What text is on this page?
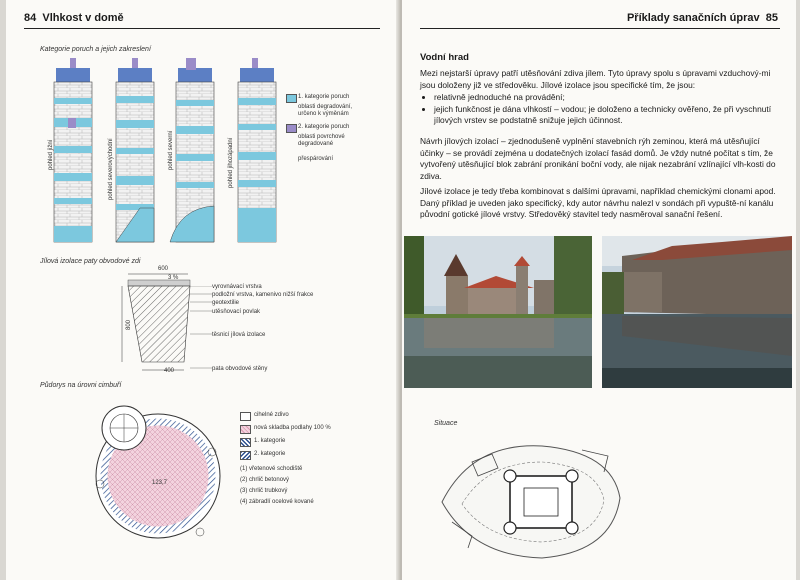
84 Vlhkost v domě
Kategorie poruch a jejich zakreslení
pohled jižní	pohled severovýchodní	pohled severní	pohled jihozápadní
1. kategorie poruch
oblasti degradování, určeno k výměnám
2. kategorie poruch
oblasti povrchové degradované
přespárování
Jílová izolace paty obvodové zdi
600
3 %
800
400
vyrovnávací vrstva
podložní vrstva, kamenivo nižší frakce
geotextilie
utěsňovací povlak
těsnicí jílová izolace
pata obvodové stěny
Půdorys na úrovni cimbuří
123,7
cihelné zdivo
nová skladba podlahy 100 %
1. kategorie
2. kategorie
(1) vřetenové schodiště
(2) chrlič betonový
(3) chrlič trubkový
(4) zábradlí ocelové kované
Příklady sanačních úprav 85
Vodní hrad
Mezi nejstarší úpravy patří utěsňování zdiva jílem. Tyto úpravy spolu s úpravami vzduchový-mi jsou doloženy již ve středověku. Jílové izolace jsou specifické tím, že jsou:
• relativně jednoduché na provádění;
• jejich funkčnost je dána vlhkostí – vodou; je doloženo a technicky ověřeno, že při vyschnutí jílových vrstev se podstatně snižuje jejich účinnost.
Návrh jílových izolací – zjednodušeně vyplnění stavebních rýh zeminou, která má utěsňující účinky – se provádí zejména u dodatečných izolací fasád domů. Je vždy nutné počítat s tím, že vytvořený utěsňující blok zabrání pronikání boční vody, ale nijak nezabrání vzlínající vlh-kosti do zdiva.
Jílové izolace je tedy třeba kombinovat s dalšími úpravami, například chemickými clonami apod. Daný příklad je uveden jako specifický, kdy autor návrhu nalezl v sondách při vypuště-ní kanálu původní gotické jílové vrstvy. Středověký stavitel tedy nasměroval sanační řešení.
Situace
